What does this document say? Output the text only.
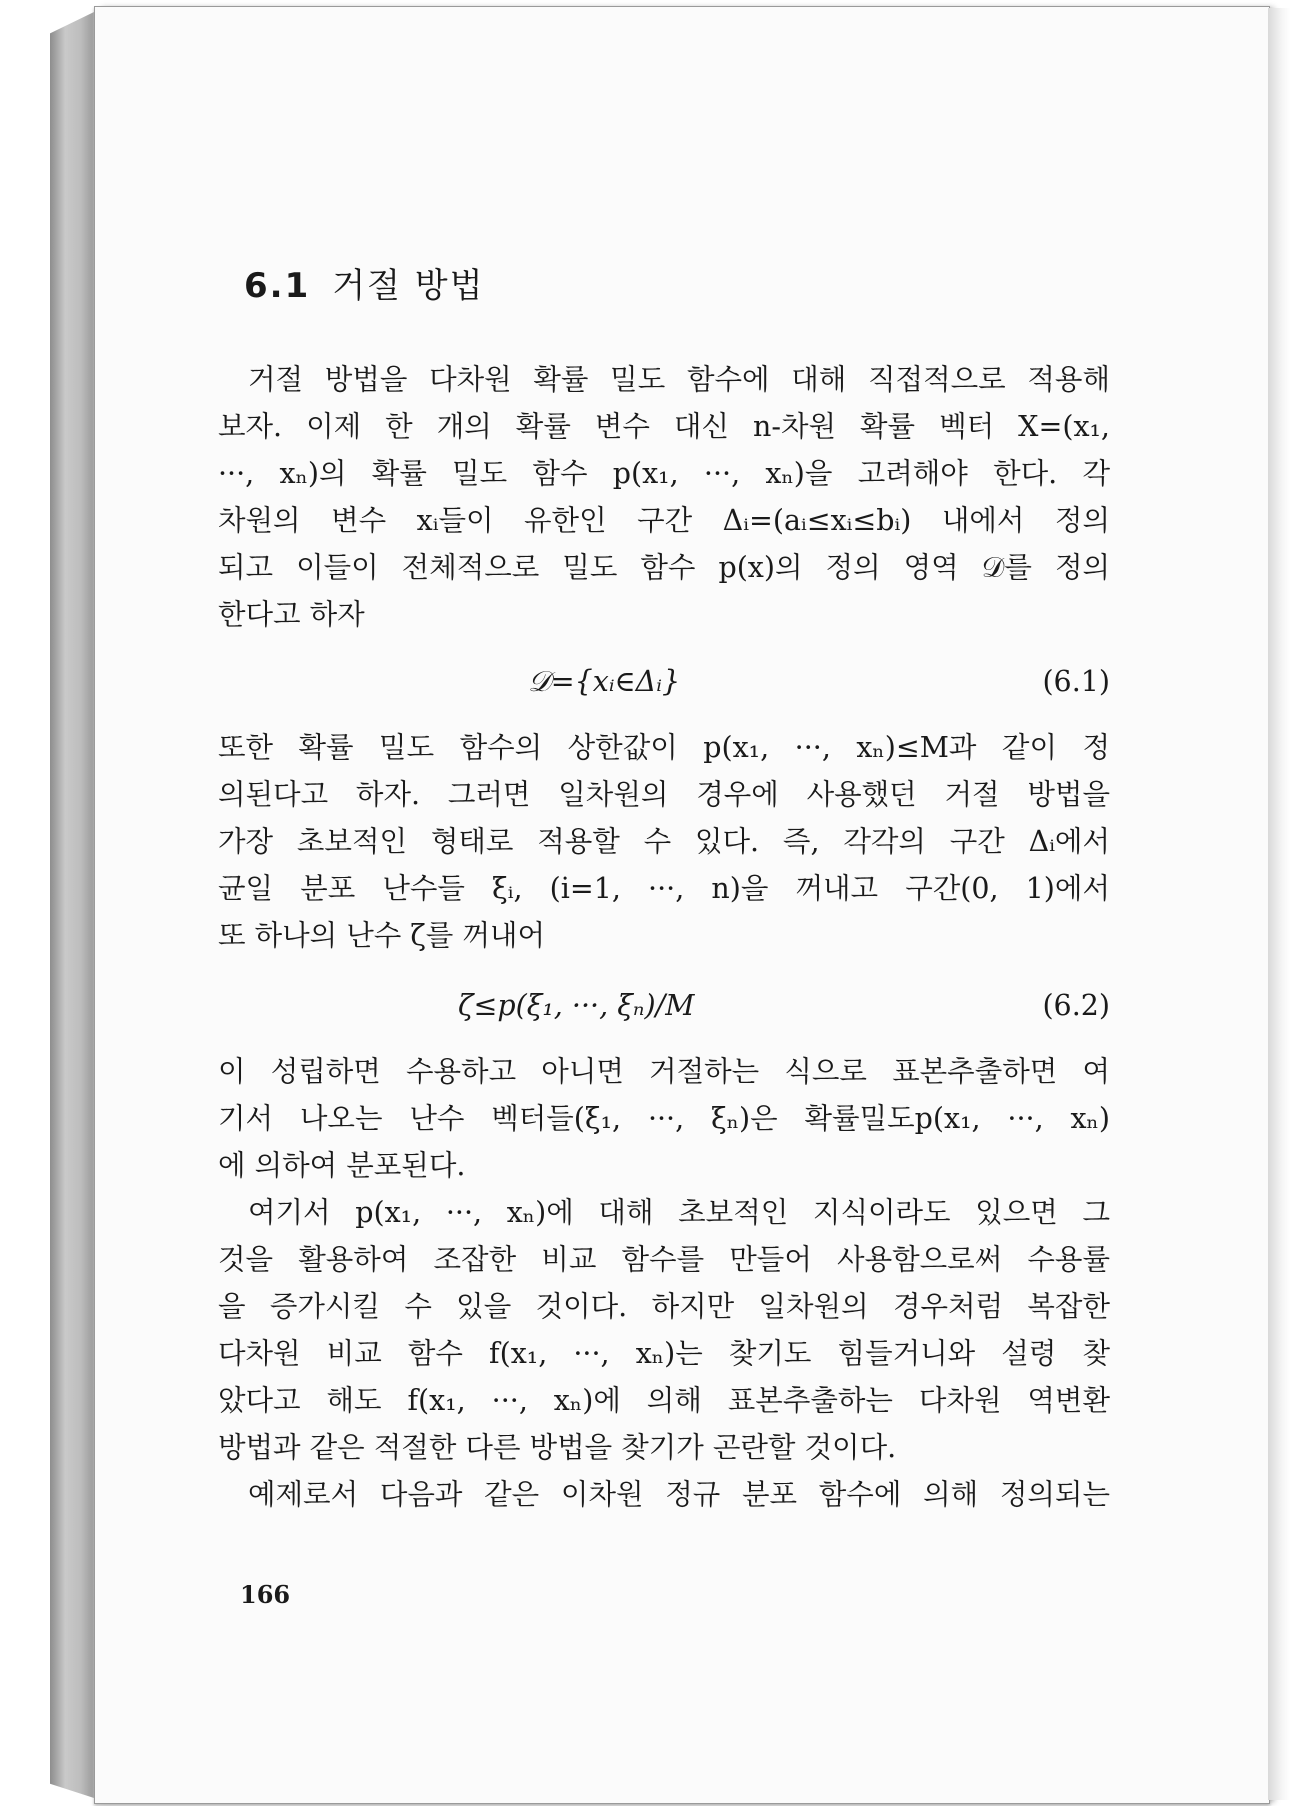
6.1 거절 방법
거절 방법을 다차원 확률 밀도 함수에 대해 직접적으로 적용해
보자. 이제 한 개의 확률 변수 대신 n-차원 확률 벡터 X=(x₁,
···, xₙ)의 확률 밀도 함수 p(x₁, ···, xₙ)을 고려해야 한다. 각
차원의 변수 xᵢ들이 유한인 구간 Δᵢ=(aᵢ≤xᵢ≤bᵢ) 내에서 정의
되고 이들이 전체적으로 밀도 함수 p(x)의 정의 영역 𝒟를 정의
한다고 하자
𝒟={xᵢ∈Δᵢ}	(6.1)
또한 확률 밀도 함수의 상한값이 p(x₁, ···, xₙ)≤M과 같이 정
의된다고 하자. 그러면 일차원의 경우에 사용했던 거절 방법을
가장 초보적인 형태로 적용할 수 있다. 즉, 각각의 구간 Δᵢ에서
균일 분포 난수들 ξᵢ, (i=1, ···, n)을 꺼내고 구간(0, 1)에서
또 하나의 난수 ζ를 꺼내어
ζ≤p(ξ₁, ···, ξₙ)/M	(6.2)
이 성립하면 수용하고 아니면 거절하는 식으로 표본추출하면 여
기서 나오는 난수 벡터들(ξ₁, ···, ξₙ)은 확률밀도p(x₁, ···, xₙ)
에 의하여 분포된다.
여기서 p(x₁, ···, xₙ)에 대해 초보적인 지식이라도 있으면 그
것을 활용하여 조잡한 비교 함수를 만들어 사용함으로써 수용률
을 증가시킬 수 있을 것이다. 하지만 일차원의 경우처럼 복잡한
다차원 비교 함수 f(x₁, ···, xₙ)는 찾기도 힘들거니와 설령 찾
았다고 해도 f(x₁, ···, xₙ)에 의해 표본추출하는 다차원 역변환
방법과 같은 적절한 다른 방법을 찾기가 곤란할 것이다.
예제로서 다음과 같은 이차원 정규 분포 함수에 의해 정의되는
166
